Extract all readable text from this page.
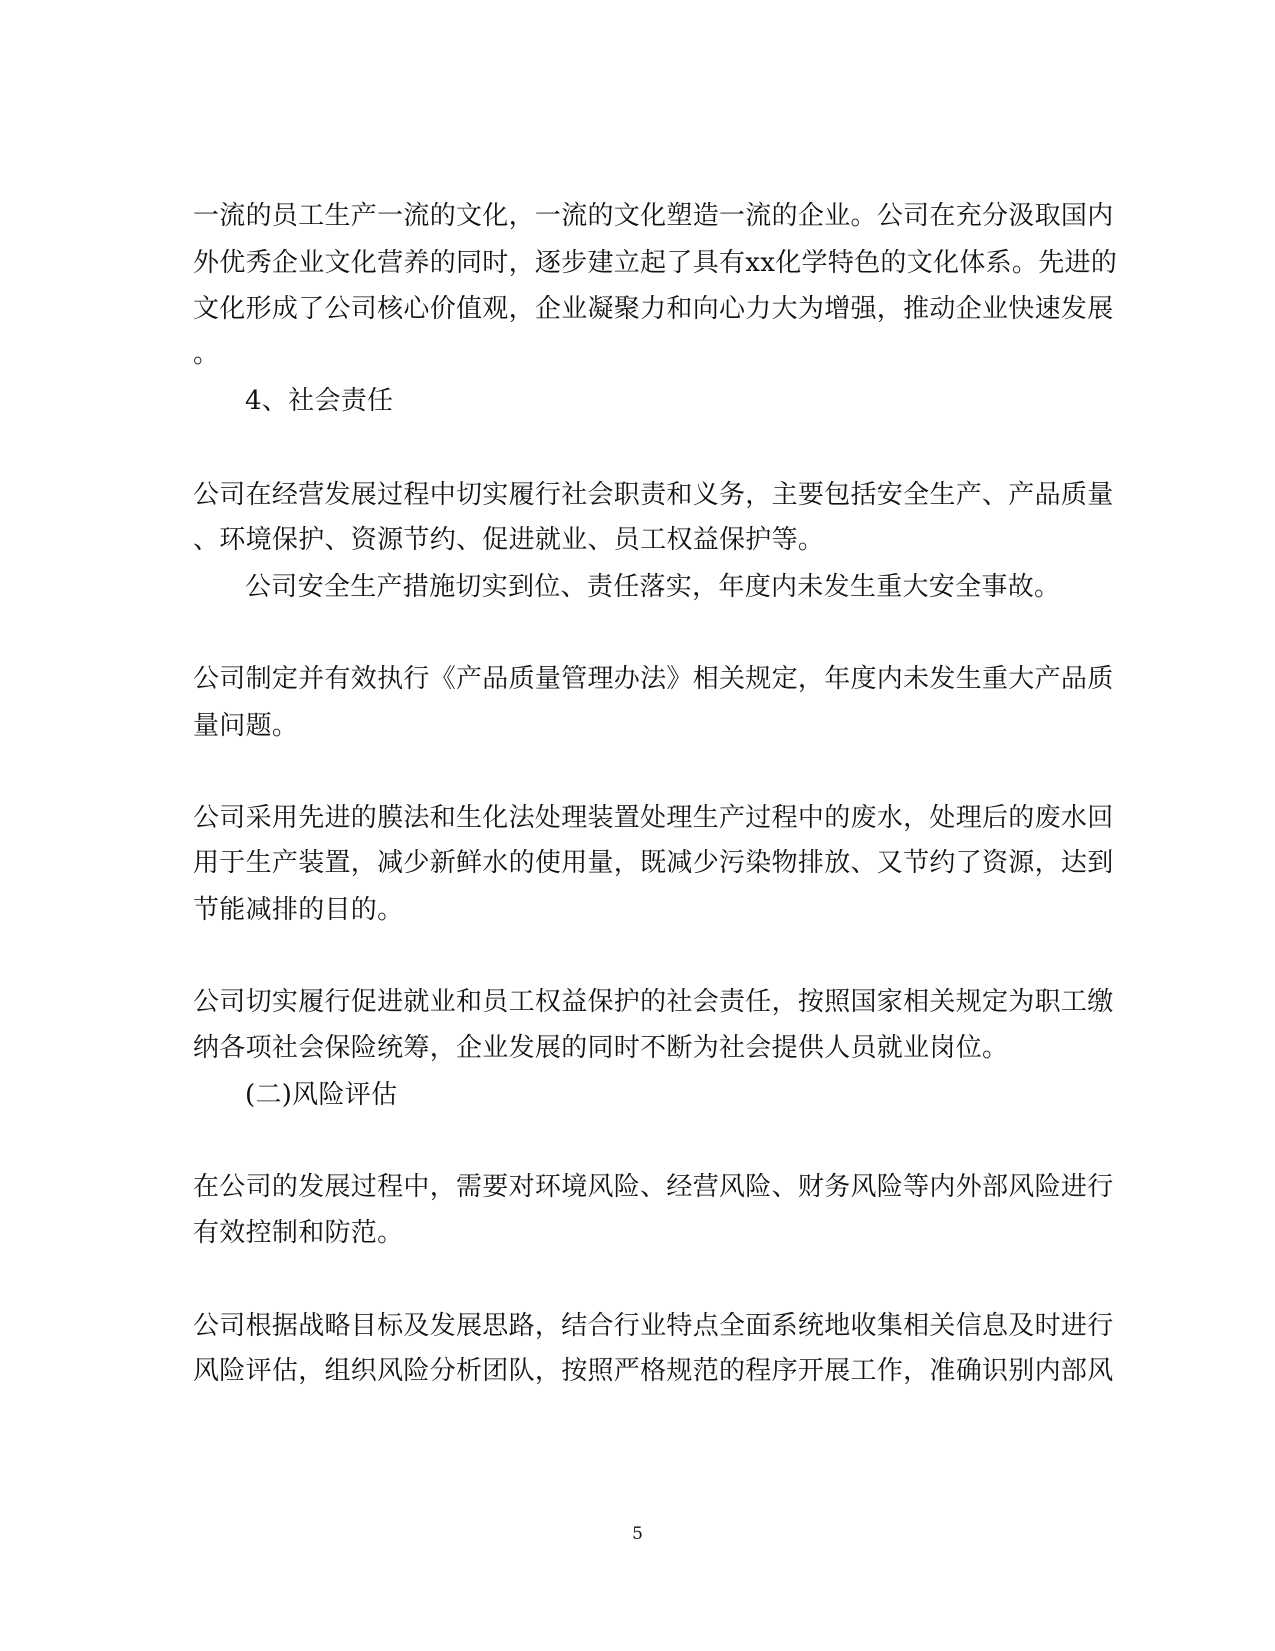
一流的员工生产一流的文化，一流的文化塑造一流的企业。公司在充分汲取国内
外优秀企业文化营养的同时，逐步建立起了具有xx化学特色的文化体系。先进的
文化形成了公司核心价值观，企业凝聚力和向心力大为增强，推动企业快速发展
。
4、社会责任
公司在经营发展过程中切实履行社会职责和义务，主要包括安全生产、产品质量
、环境保护、资源节约、促进就业、员工权益保护等。
公司安全生产措施切实到位、责任落实，年度内未发生重大安全事故。
公司制定并有效执行《产品质量管理办法》相关规定，年度内未发生重大产品质
量问题。
公司采用先进的膜法和生化法处理装置处理生产过程中的废水，处理后的废水回
用于生产装置，减少新鲜水的使用量，既减少污染物排放、又节约了资源，达到
节能减排的目的。
公司切实履行促进就业和员工权益保护的社会责任，按照国家相关规定为职工缴
纳各项社会保险统筹，企业发展的同时不断为社会提供人员就业岗位。
(二)风险评估
在公司的发展过程中，需要对环境风险、经营风险、财务风险等内外部风险进行
有效控制和防范。
公司根据战略目标及发展思路，结合行业特点全面系统地收集相关信息及时进行
风险评估，组织风险分析团队，按照严格规范的程序开展工作，准确识别内部风
5
